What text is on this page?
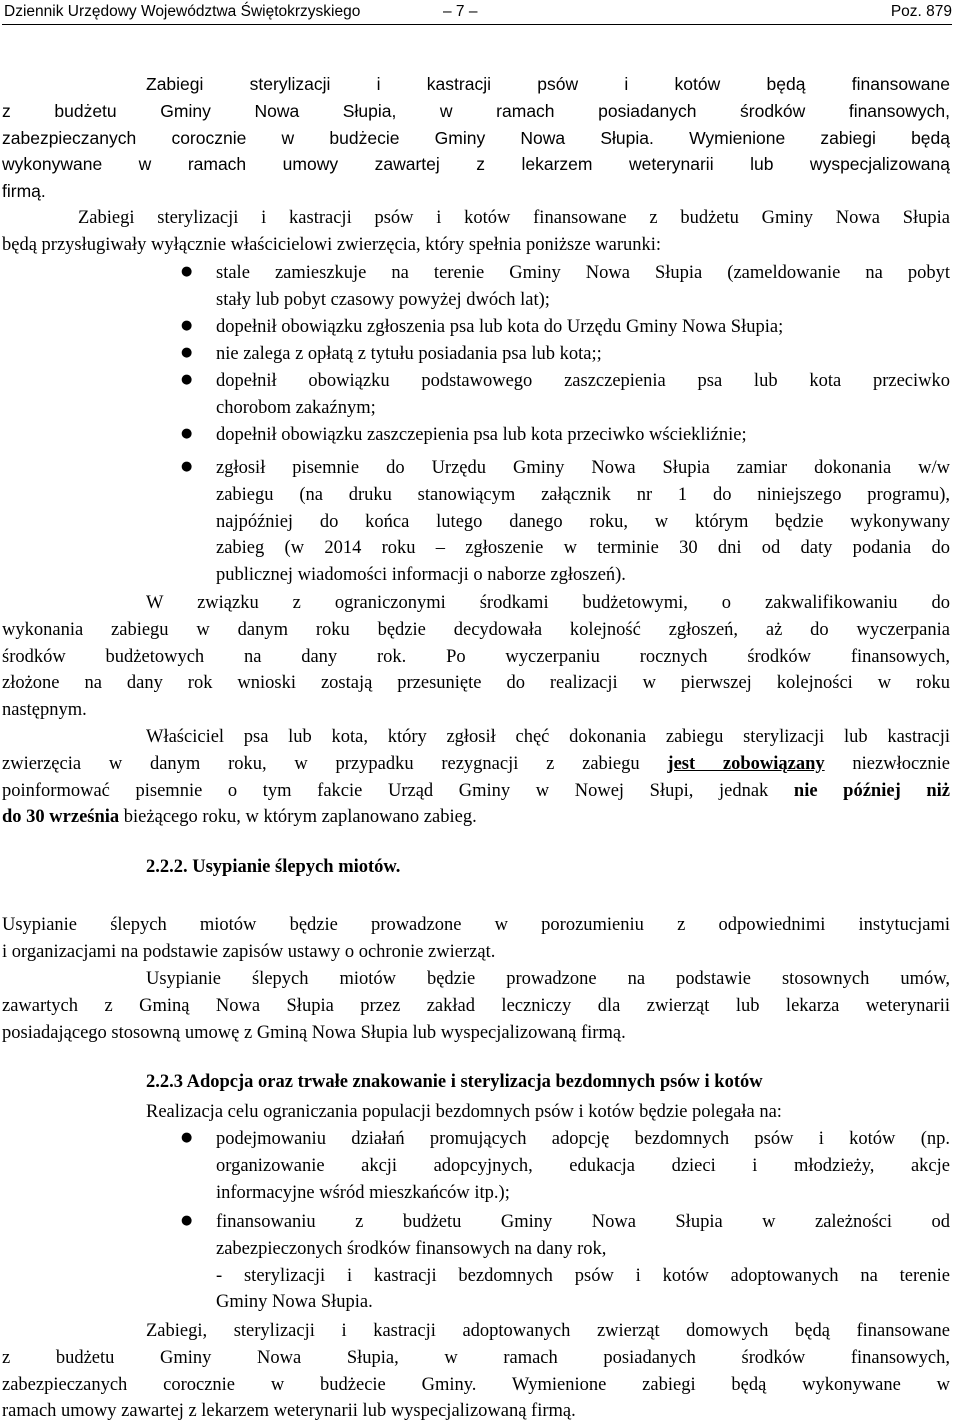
Dziennik Urzędowy Województwa Świętokrzyskiego	– 7 –	Poz. 879
Zabiegi sterylizacji i kastracji psów i kotów będą finansowane
z budżetu Gminy Nowa Słupia, w ramach posiadanych środków finansowych,
zabezpieczanych corocznie w budżecie Gminy Nowa Słupia. Wymienione zabiegi będą
wykonywane w ramach umowy zawartej z lekarzem weterynarii lub wyspecjalizowaną
firmą.
Zabiegi sterylizacji i kastracji psów i kotów finansowane z budżetu Gminy Nowa Słupia
będą przysługiwały wyłącznie właścicielowi zwierzęcia, który spełnia poniższe warunki:
● stale zamieszkuje na terenie Gminy Nowa Słupia (zameldowanie na pobyt
stały lub pobyt czasowy powyżej dwóch lat);
● dopełnił obowiązku zgłoszenia psa lub kota do Urzędu Gminy Nowa Słupia;
● nie zalega z opłatą z tytułu posiadania psa lub kota;;
● dopełnił obowiązku podstawowego zaszczepienia psa lub kota przeciwko
chorobom zakaźnym;
● dopełnił obowiązku zaszczepienia psa lub kota przeciwko wściekliźnie;
● zgłosił pisemnie do Urzędu Gminy Nowa Słupia zamiar dokonania w/w
zabiegu (na druku stanowiącym załącznik nr 1 do niniejszego programu),
najpóźniej do końca lutego danego roku, w którym będzie wykonywany
zabieg (w 2014 roku – zgłoszenie w terminie 30 dni od daty podania do
publicznej wiadomości informacji o naborze zgłoszeń).
W związku z ograniczonymi środkami budżetowymi, o zakwalifikowaniu do
wykonania zabiegu w danym roku będzie decydowała kolejność zgłoszeń, aż do wyczerpania
środków budżetowych na dany rok. Po wyczerpaniu rocznych środków finansowych,
złożone na dany rok wnioski zostają przesunięte do realizacji w pierwszej kolejności w roku
następnym.
Właściciel psa lub kota, który zgłosił chęć dokonania zabiegu sterylizacji lub kastracji
zwierzęcia w danym roku, w przypadku rezygnacji z zabiegu jest zobowiązany niezwłocznie
poinformować pisemnie o tym fakcie Urząd Gminy w Nowej Słupi, jednak nie później niż
do 30 września bieżącego roku, w którym zaplanowano zabieg.
2.2.2. Usypianie ślepych miotów.
Usypianie ślepych miotów będzie prowadzone w porozumieniu z odpowiednimi instytucjami
i organizacjami na podstawie zapisów ustawy o ochronie zwierząt.
Usypianie ślepych miotów będzie prowadzone na podstawie stosownych umów,
zawartych z Gminą Nowa Słupia przez zakład leczniczy dla zwierząt lub lekarza weterynarii
posiadającego stosowną umowę z Gminą Nowa Słupia lub wyspecjalizowaną firmą.
2.2.3 Adopcja oraz trwałe znakowanie i sterylizacja bezdomnych psów i kotów
Realizacja celu ograniczania populacji bezdomnych psów i kotów będzie polegała na:
● podejmowaniu działań promujących adopcję bezdomnych psów i kotów (np.
organizowanie akcji adopcyjnych, edukacja dzieci i młodzieży, akcje
informacyjne wśród mieszkańców itp.);
● finansowaniu z budżetu Gminy Nowa Słupia w zależności od
zabezpieczonych środków finansowych na dany rok,
- sterylizacji i kastracji bezdomnych psów i kotów adoptowanych na terenie
Gminy Nowa Słupia.
Zabiegi, sterylizacji i kastracji adoptowanych zwierząt domowych będą finansowane
z budżetu Gminy Nowa Słupia, w ramach posiadanych środków finansowych,
zabezpieczanych corocznie w budżecie Gminy. Wymienione zabiegi będą wykonywane w
ramach umowy zawartej z lekarzem weterynarii lub wyspecjalizowaną firmą.
